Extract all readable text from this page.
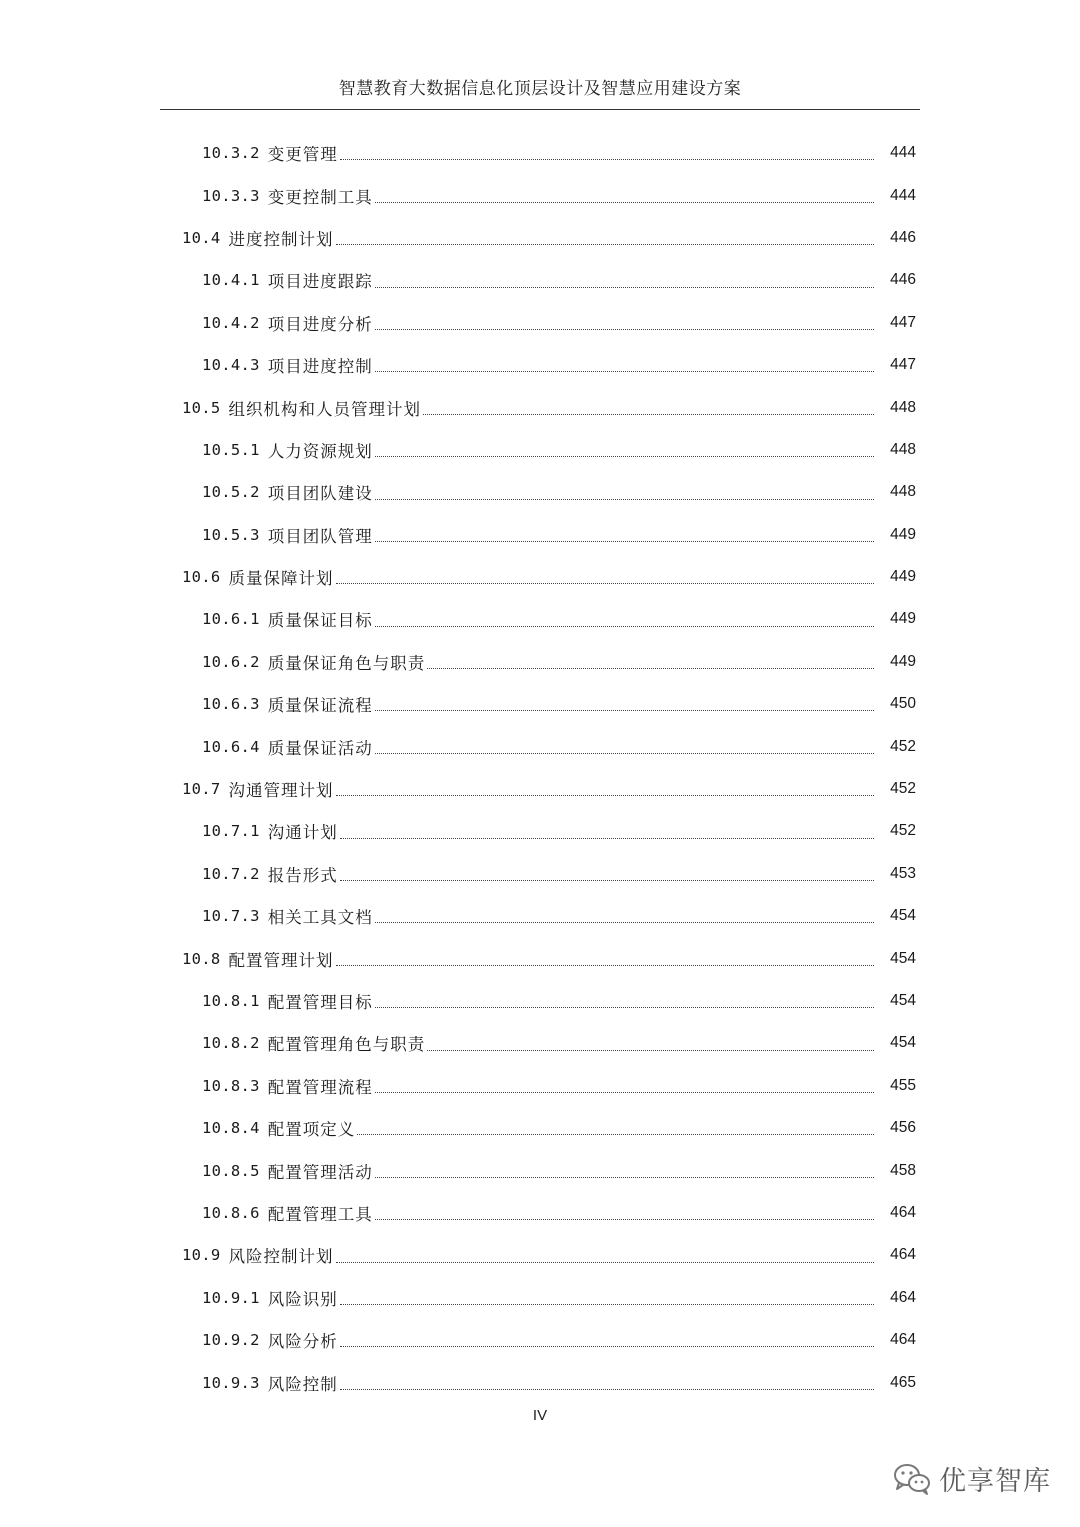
智慧教育大数据信息化顶层设计及智慧应用建设方案
10.3.2 变更管理	444
10.3.3 变更控制工具	444
10.4 进度控制计划	446
10.4.1 项目进度跟踪	446
10.4.2 项目进度分析	447
10.4.3 项目进度控制	447
10.5 组织机构和人员管理计划	448
10.5.1 人力资源规划	448
10.5.2 项目团队建设	448
10.5.3 项目团队管理	449
10.6 质量保障计划	449
10.6.1 质量保证目标	449
10.6.2 质量保证角色与职责	449
10.6.3 质量保证流程	450
10.6.4 质量保证活动	452
10.7 沟通管理计划	452
10.7.1 沟通计划	452
10.7.2 报告形式	453
10.7.3 相关工具文档	454
10.8 配置管理计划	454
10.8.1 配置管理目标	454
10.8.2 配置管理角色与职责	454
10.8.3 配置管理流程	455
10.8.4 配置项定义	456
10.8.5 配置管理活动	458
10.8.6 配置管理工具	464
10.9 风险控制计划	464
10.9.1 风险识别	464
10.9.2 风险分析	464
10.9.3 风险控制	465
IV
优享智库
